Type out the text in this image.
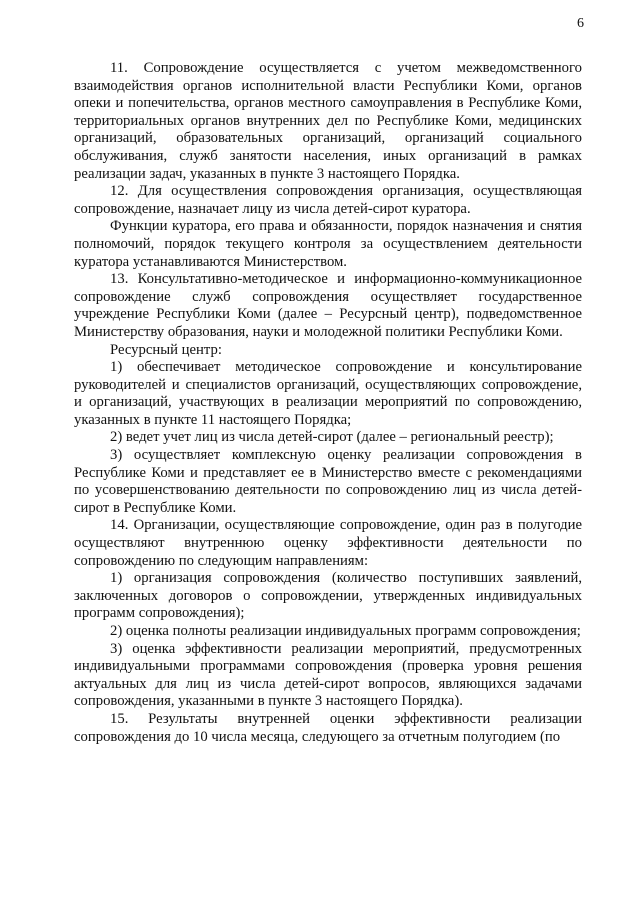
6

11. Сопровождение осуществляется с учетом межведомственного взаимодействия органов исполнительной власти Республики Коми, органов опеки и попечительства, органов местного самоуправления в Республике Коми, территориальных органов внутренних дел по Республике Коми, медицинских организаций, образовательных организаций, организаций социального обслуживания, служб занятости населения, иных организаций в рамках реализации задач, указанных в пункте 3 настоящего Порядка.

12. Для осуществления сопровождения организация, осуществляющая сопровождение, назначает лицу из числа детей-сирот куратора.

Функции куратора, его права и обязанности, порядок назначения и снятия полномочий, порядок текущего контроля за осуществлением деятельности куратора устанавливаются Министерством.

13. Консультативно-методическое и информационно-коммуникационное сопровождение служб сопровождения осуществляет государственное учреждение Республики Коми (далее – Ресурсный центр), подведомственное Министерству образования, науки и молодежной политики Республики Коми.

Ресурсный центр:

1) обеспечивает методическое сопровождение и консультирование руководителей и специалистов организаций, осуществляющих сопровождение, и организаций, участвующих в реализации мероприятий по сопровождению, указанных в пункте 11 настоящего Порядка;

2) ведет учет лиц из числа детей-сирот (далее – региональный реестр);

3) осуществляет комплексную оценку реализации сопровождения в Республике Коми и представляет ее в Министерство вместе с рекомендациями по усовершенствованию деятельности по сопровождению лиц из числа детей-сирот в Республике Коми.

14. Организации, осуществляющие сопровождение, один раз в полугодие осуществляют внутреннюю оценку эффективности деятельности по сопровождению по следующим направлениям:

1) организация сопровождения (количество поступивших заявлений, заключенных договоров о сопровождении, утвержденных индивидуальных программ сопровождения);

2) оценка полноты реализации индивидуальных программ сопровождения;

3) оценка эффективности реализации мероприятий, предусмотренных индивидуальными программами сопровождения (проверка уровня решения актуальных для лиц из числа детей-сирот вопросов, являющихся задачами сопровождения, указанными в пункте 3 настоящего Порядка).

15. Результаты внутренней оценки эффективности реализации сопровождения до 10 числа месяца, следующего за отчетным полугодием (по
